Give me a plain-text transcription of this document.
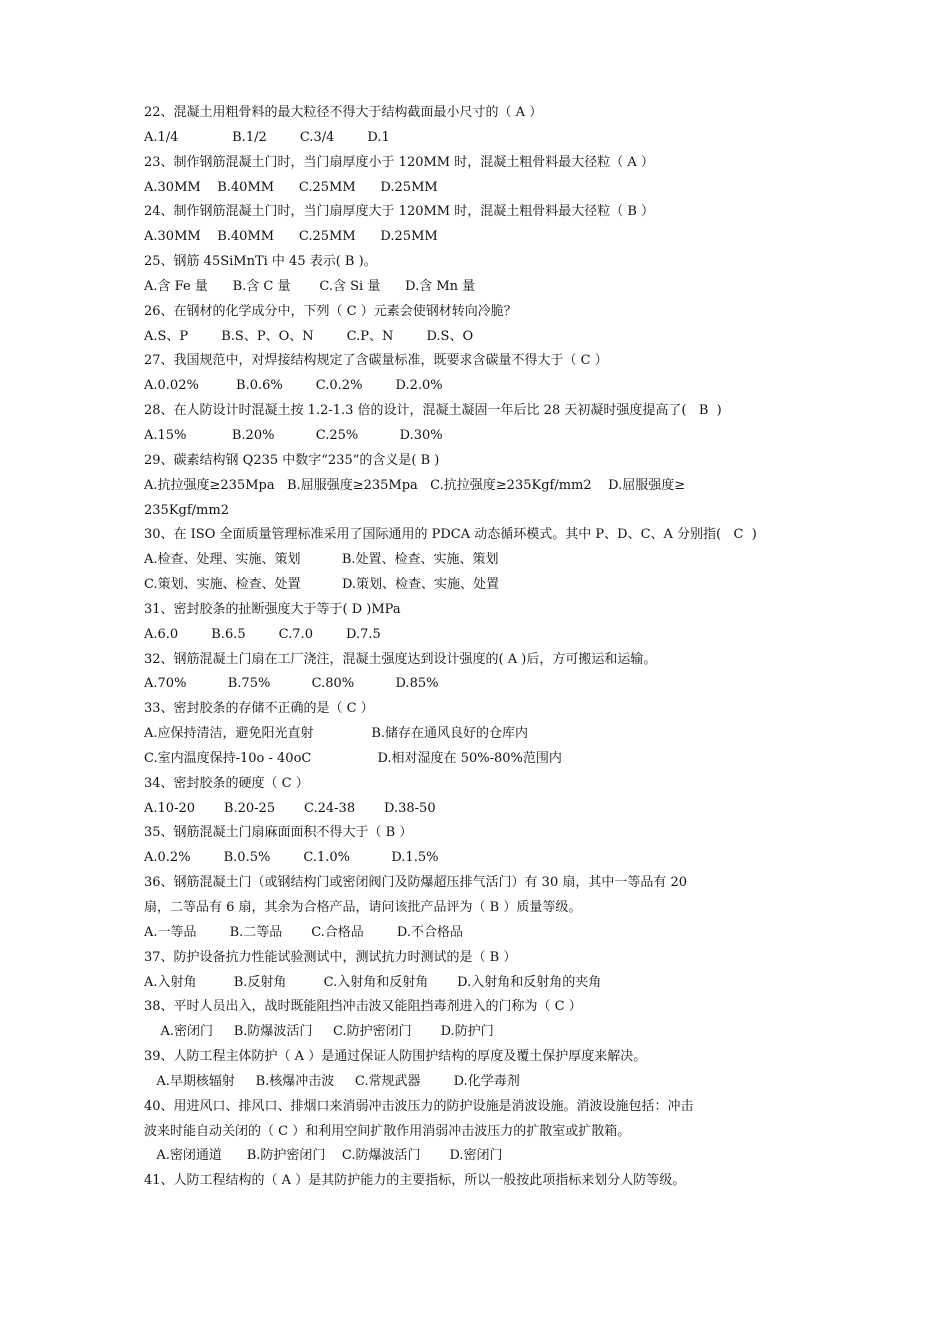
22、混凝土用粗骨料的最大粒径不得大于结构截面最小尺寸的（ A ）
A.1/4             B.1/2        C.3/4        D.1
23、制作钢筋混凝土门时，当门扇厚度小于 120MM 时，混凝土粗骨料最大径粒（ A ）
A.30MM    B.40MM      C.25MM      D.25MM
24、制作钢筋混凝土门时，当门扇厚度大于 120MM 时，混凝土粗骨料最大径粒（ B ）
A.30MM    B.40MM      C.25MM      D.25MM
25、钢筋 45SiMnTi 中 45 表示( B )。
A.含 Fe 量      B.含 C 量       C.含 Si 量      D.含 Mn 量
26、在钢材的化学成分中，下列（ C ）元素会使钢材转向冷脆？
A.S、P        B.S、P、O、N        C.P、N        D.S、O
27、我国规范中，对焊接结构规定了含碳量标准，既要求含碳量不得大于（ C ）
A.0.02%         B.0.6%        C.0.2%        D.2.0%
28、在人防设计时混凝土按 1.2-1.3 倍的设计，混凝土凝固一年后比 28 天初凝时强度提高了(   B  )
A.15%           B.20%          C.25%          D.30%
29、碳素结构钢 Q235 中数字“235”的含义是( B )
A.抗拉强度≥235Mpa   B.屈服强度≥235Mpa   C.抗拉强度≥235Kgf/mm2    D.屈服强度≥
235Kgf/mm2
30、在 ISO 全面质量管理标准采用了国际通用的 PDCA 动态循环模式。其中 P、D、C、A 分别指(   C  )
A.检查、处理、实施、策划          B.处置、检查、实施、策划
C.策划、实施、检查、处置          D.策划、检查、实施、处置
31、密封胶条的扯断强度大于等于( D )MPa
A.6.0        B.6.5        C.7.0        D.7.5
32、钢筋混凝土门扇在工厂浇注，混凝土强度达到设计强度的( A )后，方可搬运和运输。
A.70%          B.75%          C.80%          D.85%
33、密封胶条的存储不正确的是（ C ）
A.应保持清洁，避免阳光直射              B.储存在通风良好的仓库内
C.室内温度保持-10o - 40oC                D.相对湿度在 50%-80%范围内
34、密封胶条的硬度（ C ）
A.10-20       B.20-25       C.24-38       D.38-50
35、钢筋混凝土门扇麻面面积不得大于（ B ）
A.0.2%        B.0.5%        C.1.0%          D.1.5%
36、钢筋混凝土门（或钢结构门或密闭阀门及防爆超压排气活门）有 30 扇，其中一等品有 20
扇，二等品有 6 扇，其余为合格产品，请问该批产品评为（ B ）质量等级。
A.一等品        B.二等品       C.合格品        D.不合格品
37、防护设备抗力性能试验测试中，测试抗力时测试的是（ B ）
A.入射角         B.反射角         C.入射角和反射角       D.入射角和反射角的夹角
38、平时人员出入，战时既能阻挡冲击波又能阻挡毒剂进入的门称为（ C ）
A.密闭门     B.防爆波活门     C.防护密闭门       D.防护门
39、人防工程主体防护（ A ）是通过保证人防围护结构的厚度及覆土保护厚度来解决。
A.早期核辐射     B.核爆冲击波     C.常规武器        D.化学毒剂
40、用进风口、排风口、排烟口来消弱冲击波压力的防护设施是消波设施。消波设施包括：冲击
波来时能自动关闭的（ C ）和利用空间扩散作用消弱冲击波压力的扩散室或扩散箱。
A.密闭通道      B.防护密闭门    C.防爆波活门       D.密闭门
41、人防工程结构的（ A ）是其防护能力的主要指标，所以一般按此项指标来划分人防等级。
